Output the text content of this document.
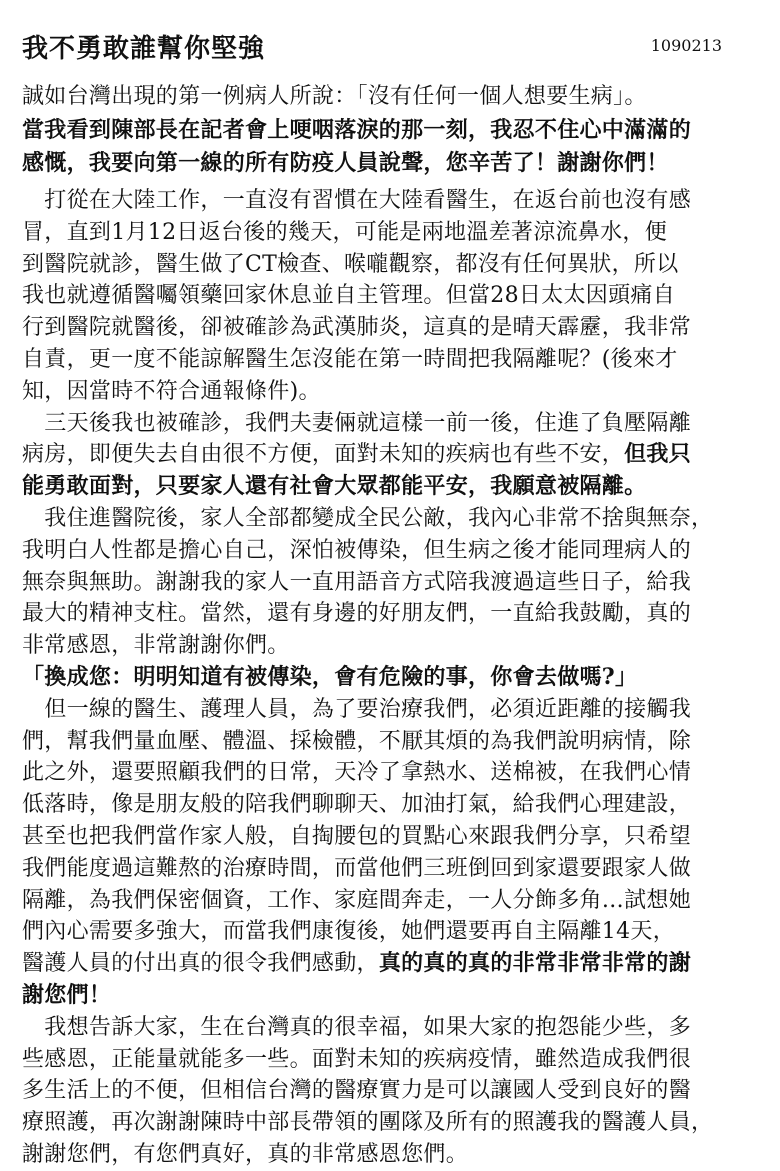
我不勇敢誰幫你堅強	1090213
誠如台灣出現的第一例病人所說：「沒有任何一個人想要生病」。
當我看到陳部長在記者會上哽咽落淚的那一刻，我忍不住心中滿滿的
感慨，我要向第一線的所有防疫人員說聲，您辛苦了！謝謝你們！
　打從在大陸工作，一直沒有習慣在大陸看醫生，在返台前也沒有感
冒，直到1月12日返台後的幾天，可能是兩地溫差著涼流鼻水，便
到醫院就診，醫生做了CT檢查、喉嚨觀察，都沒有任何異狀，所以
我也就遵循醫囑領藥回家休息並自主管理。但當28日太太因頭痛自
行到醫院就醫後，卻被確診為武漢肺炎，這真的是晴天霹靂，我非常
自責，更一度不能諒解醫生怎沒能在第一時間把我隔離呢？(後來才
知，因當時不符合通報條件)。
　三天後我也被確診，我們夫妻倆就這樣一前一後，住進了負壓隔離
病房，即便失去自由很不方便，面對未知的疾病也有些不安，但我只
能勇敢面對，只要家人還有社會大眾都能平安，我願意被隔離。
　我住進醫院後，家人全部都變成全民公敵，我內心非常不捨與無奈，
我明白人性都是擔心自己，深怕被傳染，但生病之後才能同理病人的
無奈與無助。謝謝我的家人一直用語音方式陪我渡過這些日子，給我
最大的精神支柱。當然，還有身邊的好朋友們，一直給我鼓勵，真的
非常感恩，非常謝謝你們。
「換成您：明明知道有被傳染，會有危險的事，你會去做嗎?」
　但一線的醫生、護理人員，為了要治療我們，必須近距離的接觸我
們，幫我們量血壓、體溫、採檢體，不厭其煩的為我們說明病情，除
此之外，還要照顧我們的日常，天冷了拿熱水、送棉被，在我們心情
低落時，像是朋友般的陪我們聊聊天、加油打氣，給我們心理建設，
甚至也把我們當作家人般，自掏腰包的買點心來跟我們分享，只希望
我們能度過這難熬的治療時間，而當他們三班倒回到家還要跟家人做
隔離，為我們保密個資，工作、家庭間奔走，一人分飾多角…試想她
們內心需要多強大，而當我們康復後，她們還要再自主隔離14天，
醫護人員的付出真的很令我們感動，真的真的真的非常非常非常的謝
謝您們！
　我想告訴大家，生在台灣真的很幸福，如果大家的抱怨能少些，多
些感恩，正能量就能多一些。面對未知的疾病疫情，雖然造成我們很
多生活上的不便，但相信台灣的醫療實力是可以讓國人受到良好的醫
療照護，再次謝謝陳時中部長帶領的團隊及所有的照護我的醫護人員，
謝謝您們，有您們真好，真的非常感恩您們。
